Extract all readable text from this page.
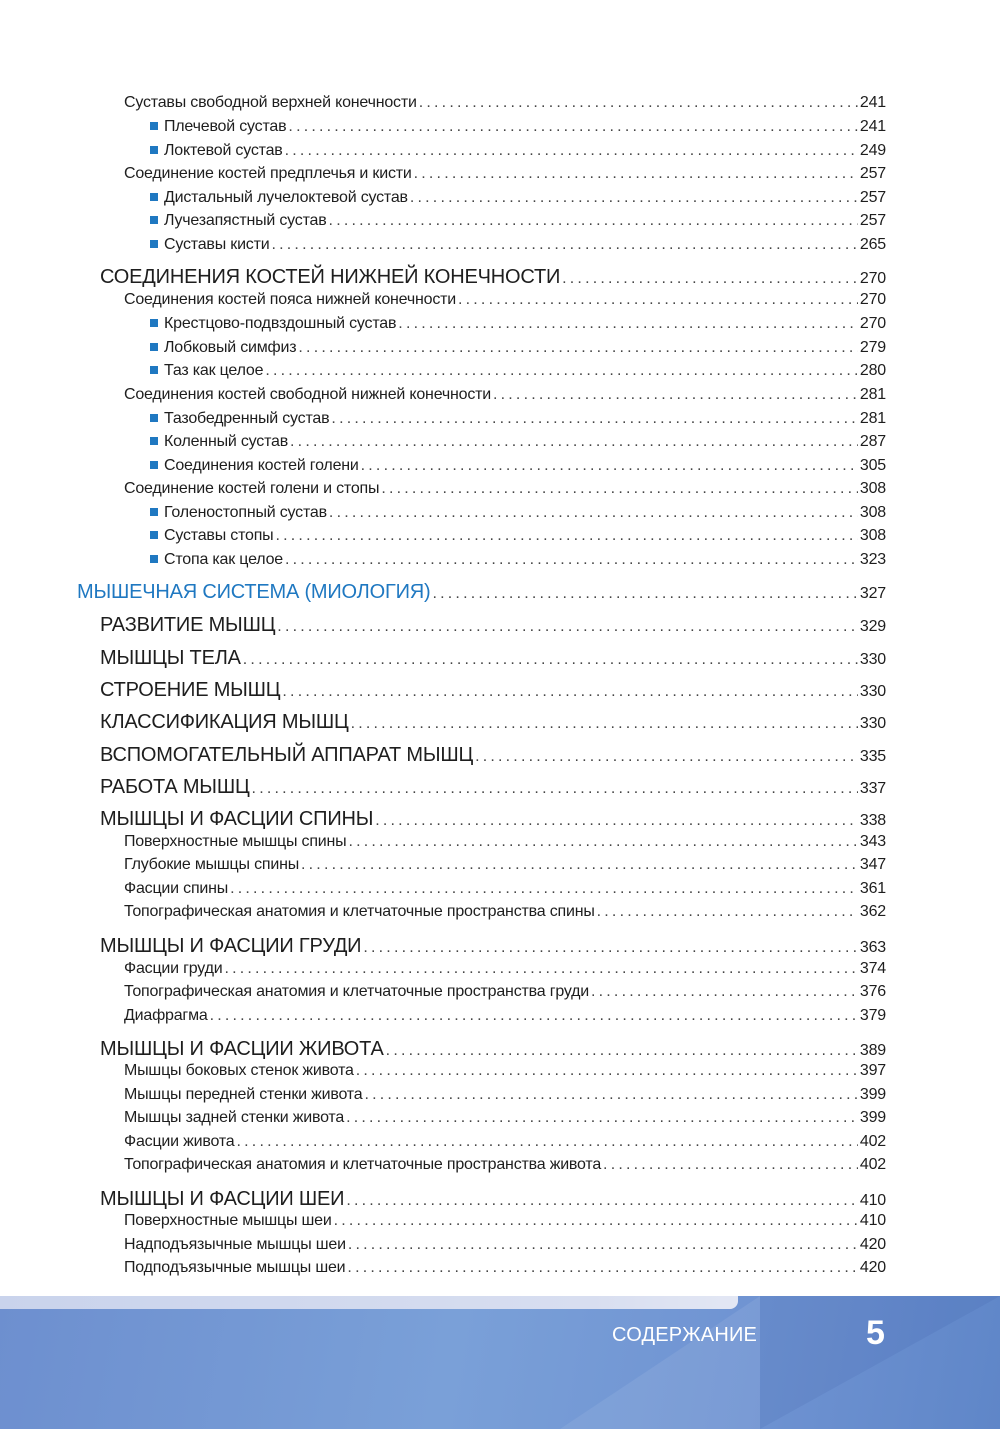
Суставы свободной верхней конечности .....	241
Плечевой сустав .....	241
Локтевой сустав .....	249
Соединение костей предплечья и кисти .....	257
Дистальный лучелоктевой сустав .....	257
Лучезапястный сустав .....	257
Суставы кисти .....	265
СОЕДИНЕНИЯ КОСТЕЙ НИЖНЕЙ КОНЕЧНОСТИ .....	270
Соединения костей пояса нижней конечности .....	270
Крестцово-подвздошный сустав .....	270
Лобковый симфиз .....	279
Таз как целое .....	280
Соединения костей свободной нижней конечности .....	281
Тазобедренный сустав .....	281
Коленный сустав .....	287
Соединения костей голени .....	305
Соединение костей голени и стопы .....	308
Голеностопный сустав .....	308
Суставы стопы .....	308
Стопа как целое .....	323
МЫШЕЧНАЯ СИСТЕМА (МИОЛОГИЯ) .....	327
РАЗВИТИЕ МЫШЦ .....	329
МЫШЦЫ ТЕЛА .....	330
СТРОЕНИЕ МЫШЦ .....	330
КЛАССИФИКАЦИЯ МЫШЦ .....	330
ВСПОМОГАТЕЛЬНЫЙ АППАРАТ МЫШЦ .....	335
РАБОТА МЫШЦ .....	337
МЫШЦЫ И ФАСЦИИ СПИНЫ .....	338
Поверхностные мышцы спины .....	343
Глубокие мышцы спины .....	347
Фасции спины .....	361
Топографическая анатомия и клетчаточные пространства спины .....	362
МЫШЦЫ И ФАСЦИИ ГРУДИ .....	363
Фасции груди .....	374
Топографическая анатомия и клетчаточные пространства груди .....	376
Диафрагма .....	379
МЫШЦЫ И ФАСЦИИ ЖИВОТА .....	389
Мышцы боковых стенок живота .....	397
Мышцы передней стенки живота .....	399
Мышцы задней стенки живота .....	399
Фасции живота .....	402
Топографическая анатомия и клетчаточные пространства живота .....	402
МЫШЦЫ И ФАСЦИИ ШЕИ .....	410
Поверхностные мышцы шеи .....	410
Надподъязычные мышцы шеи .....	420
Подподъязычные мышцы шеи .....	420
СОДЕРЖАНИЕ	5
